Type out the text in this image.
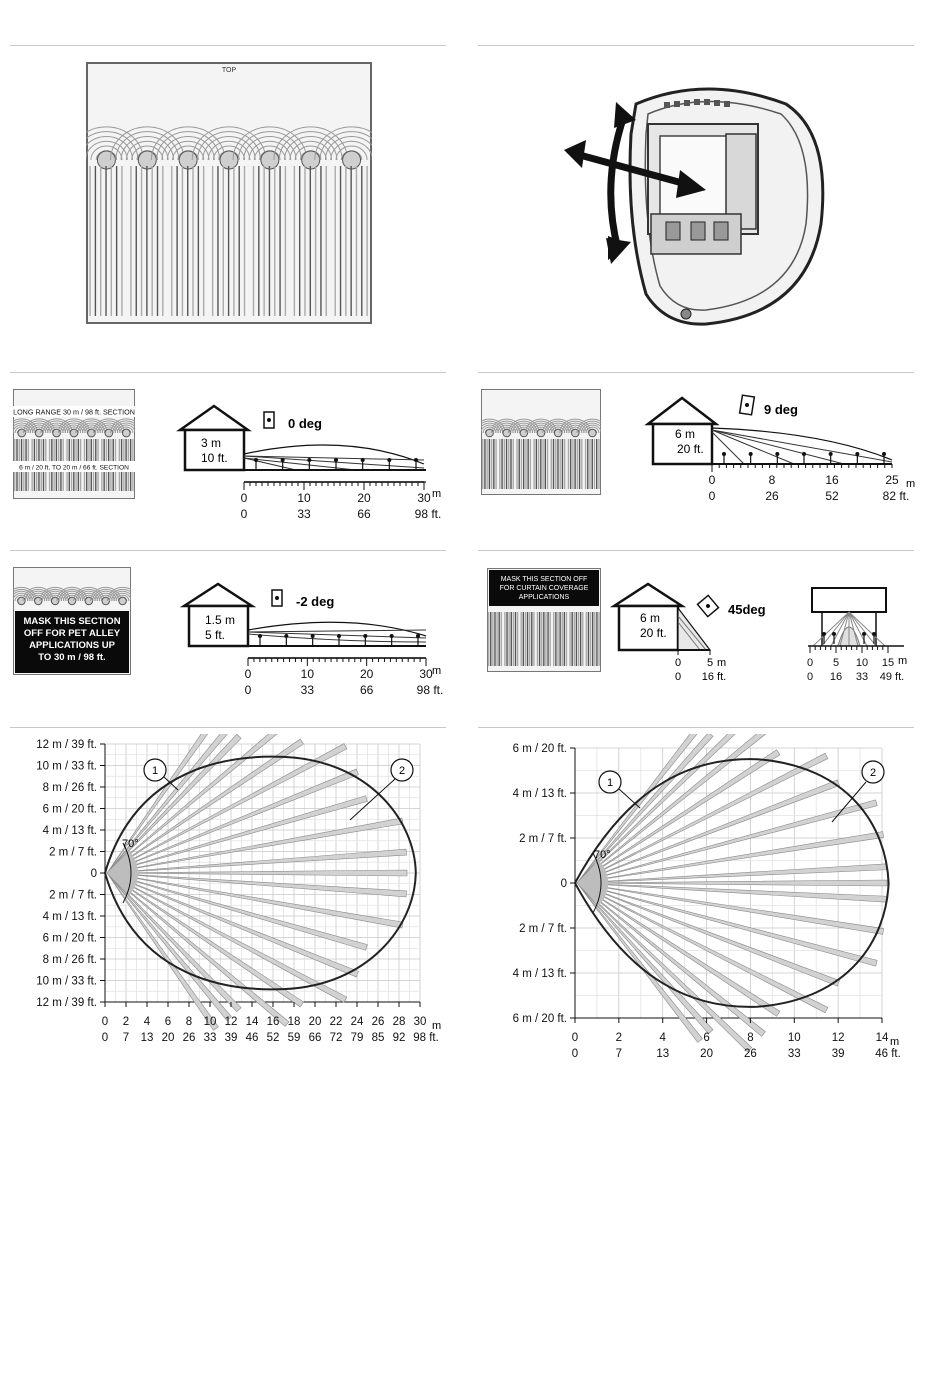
TOP
LONG RANGE 30 m / 98 ft. SECTION
6 m / 20 ft. TO 20 m / 66 ft. SECTION
3 m
10 ft.
0 deg
0	10	20	30
0	33	66	98 ft.
m
6 m
20 ft.
9 deg
0	8	16	25
0	26	52	82 ft.
m
MASK THIS SECTION
OFF FOR PET ALLEY
APPLICATIONS UP
TO 30 m / 98 ft.
1.5 m
5 ft.
-2 deg
0	10	20	30
0	33	66	98 ft.
m
MASK THIS SECTION OFF
FOR CURTAIN COVERAGE
APPLICATIONS
6 m
20 ft.
45deg
0 5 m
0 16 ft.
0 5 10 15
0 16 33 49 ft.
m
12 m / 39 ft.
10 m / 33 ft.
8 m / 26 ft.
6 m / 20 ft.
4 m / 13 ft.
2 m / 7 ft.
0
2 m / 7 ft.
4 m / 13 ft.
6 m / 20 ft.
8 m / 26 ft.
10 m / 33 ft.
12 m / 39 ft.
0 2 4 6 8 10 12 14 16 18 20 22 24 26 28 30
0 7 13 20 26 33 39 46 52 59 66 72 79 85 92 98 ft.
70°
1	2
m
6 m / 20 ft.
4 m / 13 ft.
2 m / 7 ft.
0
2 m / 7 ft.
4 m / 13 ft.
6 m / 20 ft.
0	2	4	6	8	10	12	14
0	7	13	20	26	33	39	46 ft.
70°
1
2
m
